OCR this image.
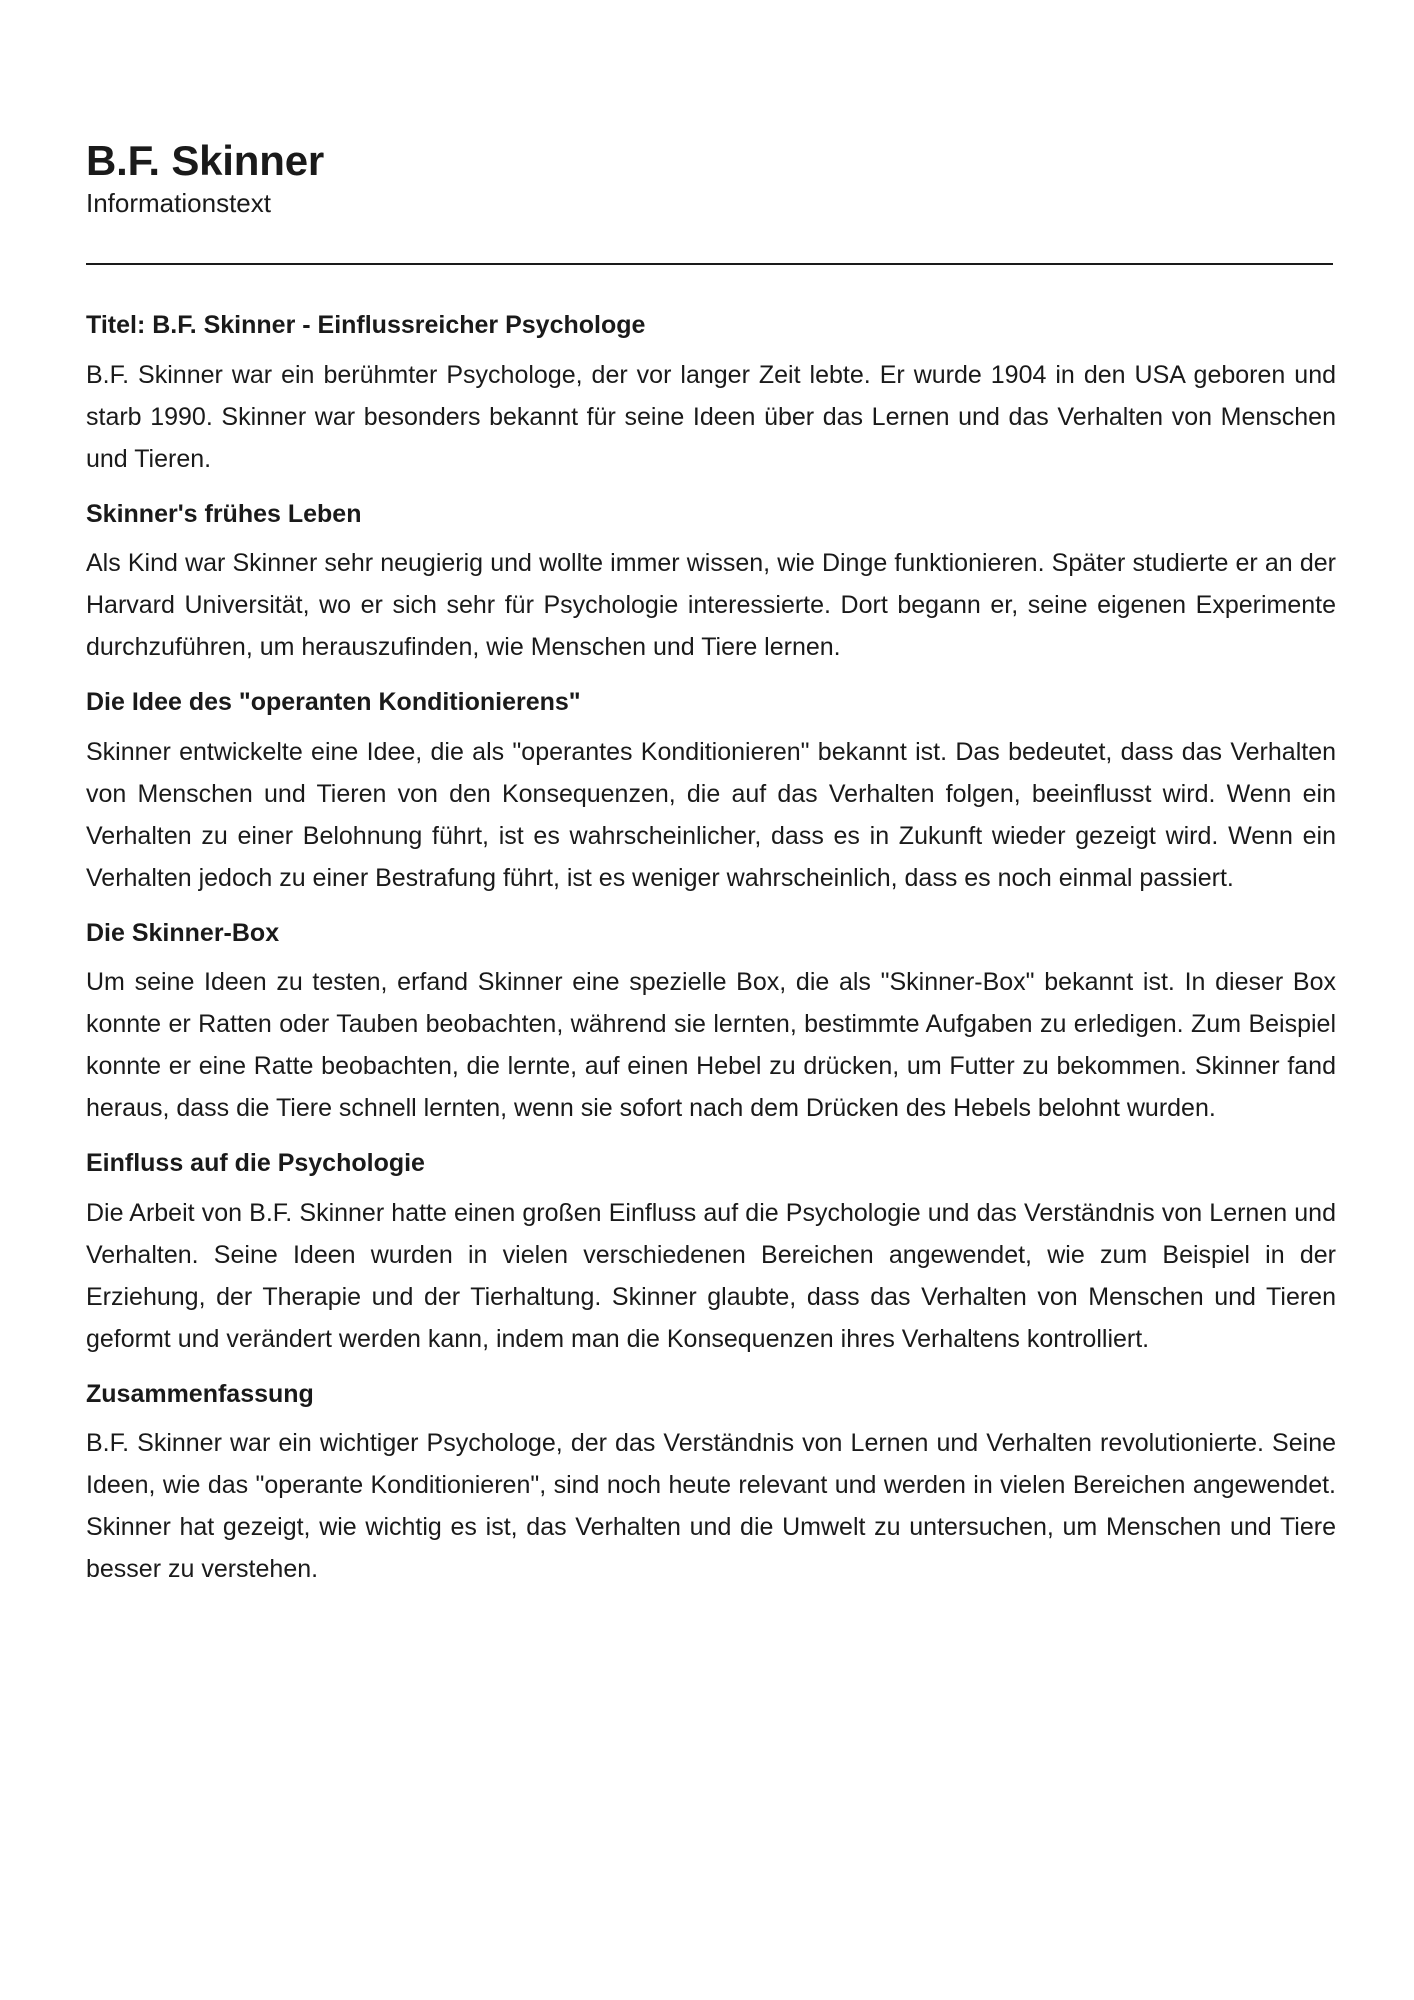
B.F. Skinner

Informationstext

Titel: B.F. Skinner - Einflussreicher Psychologe

B.F. Skinner war ein berühmter Psychologe, der vor langer Zeit lebte. Er wurde 1904 in den USA geboren und starb 1990. Skinner war besonders bekannt für seine Ideen über das Lernen und das Verhalten von Menschen und Tieren.

Skinner's frühes Leben

Als Kind war Skinner sehr neugierig und wollte immer wissen, wie Dinge funktionieren. Später studierte er an der Harvard Universität, wo er sich sehr für Psychologie interessierte. Dort begann er, seine eigenen Experimente durchzuführen, um herauszufinden, wie Menschen und Tiere lernen.

Die Idee des "operanten Konditionierens"

Skinner entwickelte eine Idee, die als "operantes Konditionieren" bekannt ist. Das bedeutet, dass das Verhalten von Menschen und Tieren von den Konsequenzen, die auf das Verhalten folgen, beeinflusst wird. Wenn ein Verhalten zu einer Belohnung führt, ist es wahrscheinlicher, dass es in Zukunft wieder gezeigt wird. Wenn ein Verhalten jedoch zu einer Bestrafung führt, ist es weniger wahrscheinlich, dass es noch einmal passiert.

Die Skinner-Box

Um seine Ideen zu testen, erfand Skinner eine spezielle Box, die als "Skinner-Box" bekannt ist. In dieser Box konnte er Ratten oder Tauben beobachten, während sie lernten, bestimmte Aufgaben zu erledigen. Zum Beispiel konnte er eine Ratte beobachten, die lernte, auf einen Hebel zu drücken, um Futter zu bekommen. Skinner fand heraus, dass die Tiere schnell lernten, wenn sie sofort nach dem Drücken des Hebels belohnt wurden.

Einfluss auf die Psychologie

Die Arbeit von B.F. Skinner hatte einen großen Einfluss auf die Psychologie und das Verständnis von Lernen und Verhalten. Seine Ideen wurden in vielen verschiedenen Bereichen angewendet, wie zum Beispiel in der Erziehung, der Therapie und der Tierhaltung. Skinner glaubte, dass das Verhalten von Menschen und Tieren geformt und verändert werden kann, indem man die Konsequenzen ihres Verhaltens kontrolliert.

Zusammenfassung

B.F. Skinner war ein wichtiger Psychologe, der das Verständnis von Lernen und Verhalten revolutionierte. Seine Ideen, wie das "operante Konditionieren", sind noch heute relevant und werden in vielen Bereichen angewendet. Skinner hat gezeigt, wie wichtig es ist, das Verhalten und die Umwelt zu untersuchen, um Menschen und Tiere besser zu verstehen.
